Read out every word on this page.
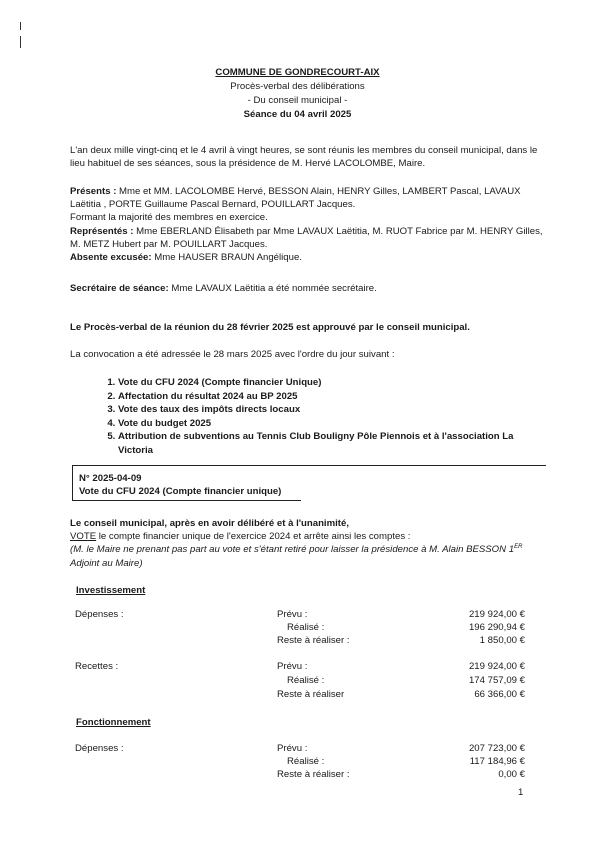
COMMUNE DE GONDRECOURT-AIX
Procès-verbal des délibérations
- Du conseil municipal -
Séance du 04 avril 2025
L'an deux mille vingt-cinq et le 4 avril à vingt heures, se sont réunis les membres du conseil municipal, dans le lieu habituel de ses séances, sous la présidence de M. Hervé LACOLOMBE, Maire.
Présents : Mme et MM. LACOLOMBE Hervé, BESSON Alain, HENRY Gilles, LAMBERT Pascal, LAVAUX Laëtitia , PORTE Guillaume Pascal Bernard, POUILLART Jacques.
Formant la majorité des membres en exercice.
Représentés : Mme EBERLAND Élisabeth par Mme LAVAUX Laëtitia, M. RUOT Fabrice par M. HENRY Gilles, M. METZ Hubert par M. POUILLART Jacques.
Absente excusée: Mme HAUSER BRAUN Angélique.
Secrétaire de séance: Mme LAVAUX Laëtitia a été nommée secrétaire.
Le Procès-verbal de la réunion du 28 février 2025 est approuvé par le conseil municipal.
La convocation a été adressée le 28 mars 2025 avec l'ordre du jour suivant :
1. Vote du CFU 2024 (Compte financier Unique)
2. Affectation du résultat 2024 au BP 2025
3. Vote des taux des impôts directs locaux
4. Vote du budget 2025
5. Attribution de subventions au Tennis Club Bouligny Pôle Piennois et à l'association La Victoria
N° 2025-04-09
Vote du CFU 2024 (Compte financier unique)
Le conseil municipal, après en avoir délibéré et à l'unanimité,
VOTE le compte financier unique de l'exercice 2024 et arrête ainsi les comptes :
(M. le Maire ne prenant pas part au vote et s'étant retiré pour laisser la présidence à M. Alain BESSON 1ER Adjoint au Maire)
Investissement
Dépenses :	Prévu :	219 924,00 €
Réalisé :	196 290,94 €
Reste à réaliser :	1 850,00 €
Recettes :	Prévu :	219 924,00 €
Réalisé :	174 757,09 €
Reste à réaliser	66 366,00 €
Fonctionnement
Dépenses :	Prévu :	207 723,00 €
Réalisé :	117 184,96 €
Reste à réaliser :	0,00 €
1
